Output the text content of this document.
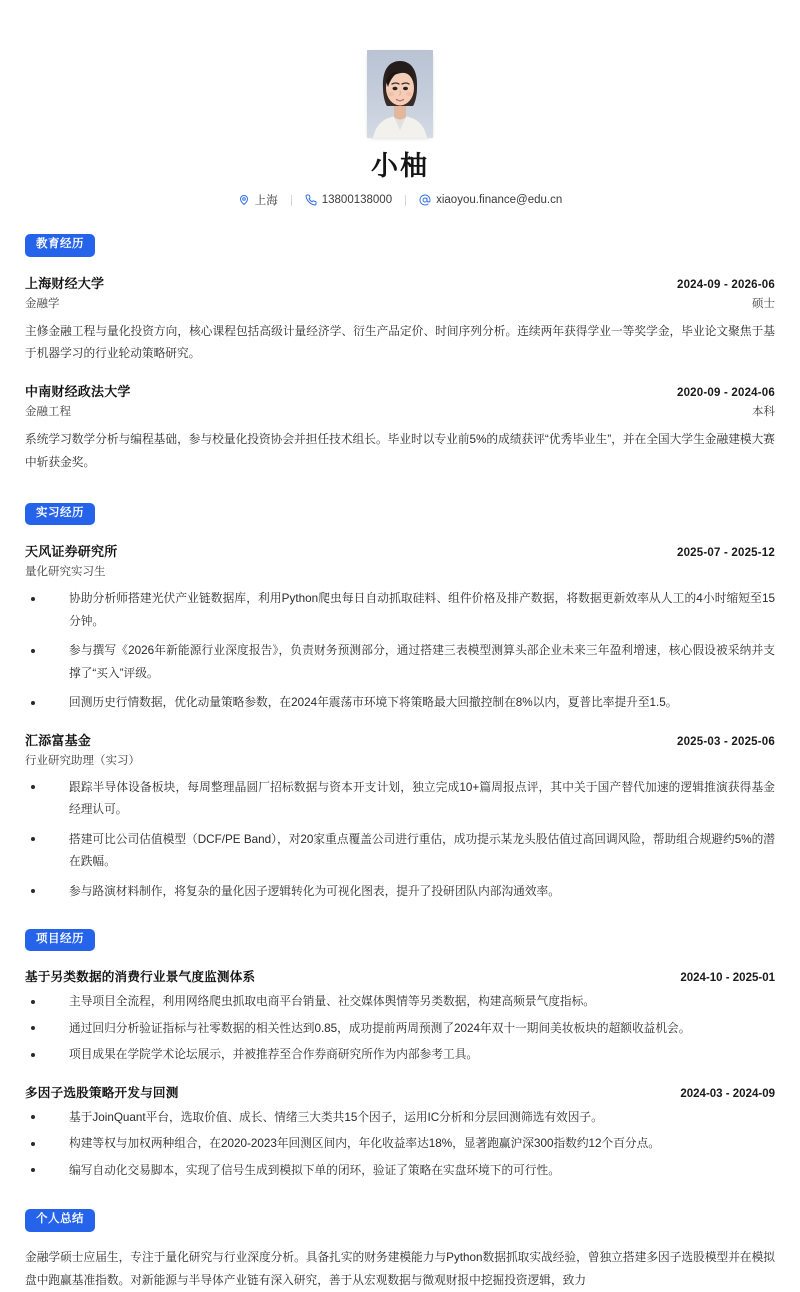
小柚
上海	13800138000	xiaoyou.finance@edu.cn
教育经历
上海财经大学	2024-09 - 2026-06
金融学	硕士

主修金融工程与量化投资方向，核心课程包括高级计量经济学、衍生产品定价、时间序列分析。连续两年获得学业一等奖学金，毕业论文聚焦于基于机器学习的行业轮动策略研究。

中南财经政法大学	2020-09 - 2024-06
金融工程	本科

系统学习数学分析与编程基础，参与校量化投资协会并担任技术组长。毕业时以专业前5%的成绩获评“优秀毕业生”，并在全国大学生金融建模大赛中斩获金奖。

实习经历
天风证券研究所	2025-07 - 2025-12
量化研究实习生
协助分析师搭建光伏产业链数据库，利用Python爬虫每日自动抓取硅料、组件价格及排产数据，将数据更新效率从人工的4小时缩短至15分钟。
参与撰写《2026年新能源行业深度报告》，负责财务预测部分，通过搭建三表模型测算头部企业未来三年盈利增速，核心假设被采纳并支撑了“买入”评级。
回测历史行情数据，优化动量策略参数，在2024年震荡市环境下将策略最大回撤控制在8%以内，夏普比率提升至1.5。
汇添富基金	2025-03 - 2025-06
行业研究助理（实习）
跟踪半导体设备板块，每周整理晶圆厂招标数据与资本开支计划，独立完成10+篇周报点评，其中关于国产替代加速的逻辑推演获得基金经理认可。
搭建可比公司估值模型（DCF/PE Band），对20家重点覆盖公司进行重估，成功提示某龙头股估值过高回调风险，帮助组合规避约5%的潜在跌幅。
参与路演材料制作，将复杂的量化因子逻辑转化为可视化图表，提升了投研团队内部沟通效率。
项目经历
基于另类数据的消费行业景气度监测体系	2024-10 - 2025-01
主导项目全流程，利用网络爬虫抓取电商平台销量、社交媒体舆情等另类数据，构建高频景气度指标。
通过回归分析验证指标与社零数据的相关性达到0.85，成功提前两周预测了2024年双十一期间美妆板块的超额收益机会。
项目成果在学院学术论坛展示，并被推荐至合作券商研究所作为内部参考工具。
多因子选股策略开发与回测	2024-03 - 2024-09
基于JoinQuant平台，选取价值、成长、情绪三大类共15个因子，运用IC分析和分层回测筛选有效因子。
构建等权与加权两种组合，在2020-2023年回测区间内，年化收益率达18%，显著跑赢沪深300指数约12个百分点。
编写自动化交易脚本，实现了信号生成到模拟下单的闭环，验证了策略在实盘环境下的可行性。
个人总结

金融学硕士应届生，专注于量化研究与行业深度分析。具备扎实的财务建模能力与Python数据抓取实战经验，曾独立搭建多因子选股模型并在模拟盘中跑赢基准指数。对新能源与半导体产业链有深入研究，善于从宏观数据与微观财报中挖掘投资逻辑，致力
